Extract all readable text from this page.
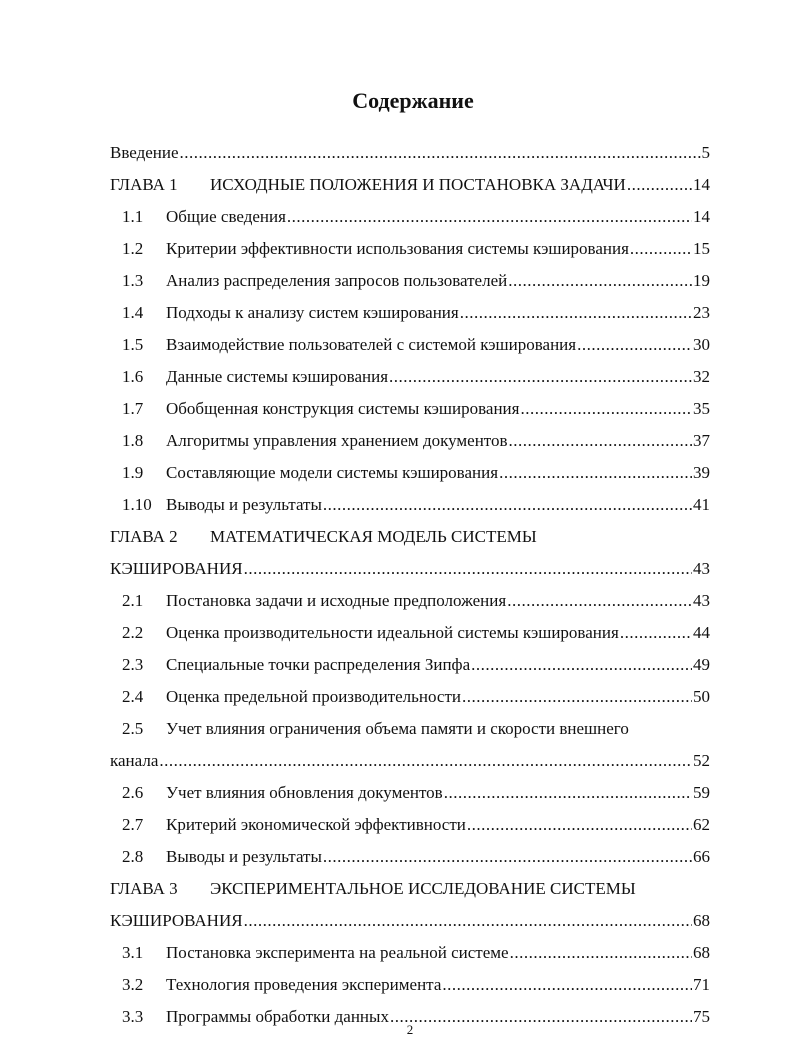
Содержание
Введение .....	5
ГЛАВА 1	ИСХОДНЫЕ ПОЛОЖЕНИЯ И ПОСТАНОВКА ЗАДАЧИ .....	14
1.1	Общие сведения .....	14
1.2	Критерии эффективности использования системы кэширования .....	15
1.3	Анализ распределения запросов пользователей .....	19
1.4	Подходы к анализу систем кэширования .....	23
1.5	Взаимодействие пользователей с системой кэширования .....	30
1.6	Данные системы кэширования .....	32
1.7	Обобщенная конструкция системы кэширования .....	35
1.8	Алгоритмы управления хранением документов .....	37
1.9	Составляющие модели системы кэширования .....	39
1.10 Выводы и результаты .....	41
ГЛАВА 2 МАТЕМАТИЧЕСКАЯ МОДЕЛЬ СИСТЕМЫ
КЭШИРОВАНИЯ .....	43
2.1	Постановка задачи и исходные предположения .....	43
2.2	Оценка производительности идеальной системы кэширования .....	44
2.3	Специальные точки распределения Зипфа .....	49
2.4	Оценка предельной производительности .....	50
2.5 Учет влияния ограничения объема памяти и скорости внешнего
канала .....	52
2.6	Учет влияния обновления документов .....	59
2.7	Критерий экономической эффективности .....	62
2.8	Выводы и результаты .....	66
ГЛАВА 3 ЭКСПЕРИМЕНТАЛЬНОЕ ИССЛЕДОВАНИЕ СИСТЕМЫ
КЭШИРОВАНИЯ .....	68
3.1	Постановка эксперимента на реальной системе .....	68
3.2	Технология проведения эксперимента .....	71
3.3	Программы обработки данных .....	75
2
